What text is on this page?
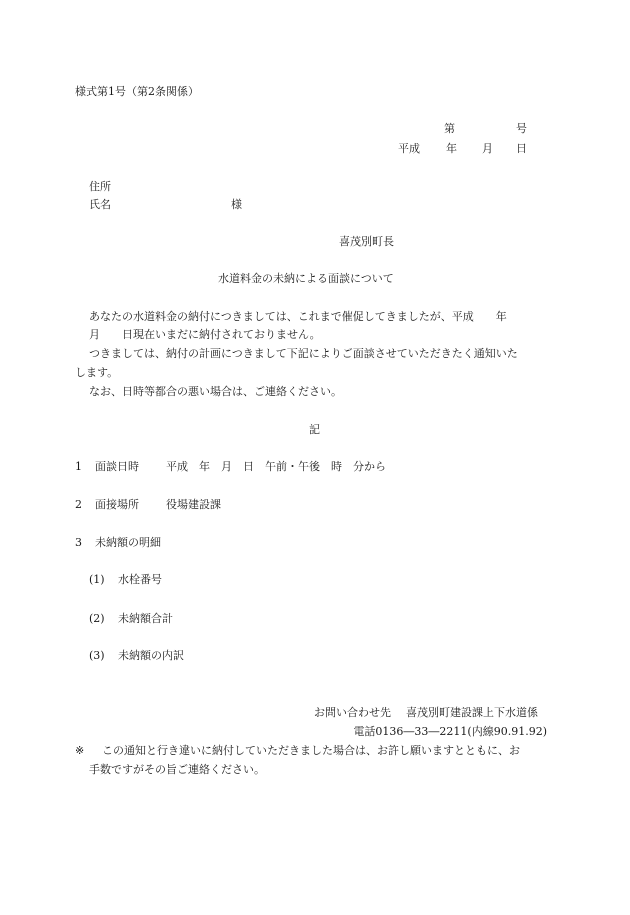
様式第1号（第2条関係）
第	号
平成 年 月 日
住所
氏名	様
喜茂別町長
水道料金の未納による面談について
あなたの水道料金の納付につきましては、これまで催促してきましたが、平成　　年
月　　日現在いまだに納付されておりません。
つきましては、納付の計画につきまして下記によりご面談させていただきたく通知いた
します。
なお、日時等都合の悪い場合は、ご連絡ください。
記
1 面談日時 平成　年　月　日　午前・午後　時　分から
2 面接場所 役場建設課
3 未納額の明細
(1) 水栓番号
(2) 未納額合計
(3) 未納額の内訳
お問い合わせ先 喜茂別町建設課上下水道係
電話0136―33―2211(内線90.91.92)
※ この通知と行き違いに納付していただきました場合は、お許し願いますとともに、お
手数ですがその旨ご連絡ください。
